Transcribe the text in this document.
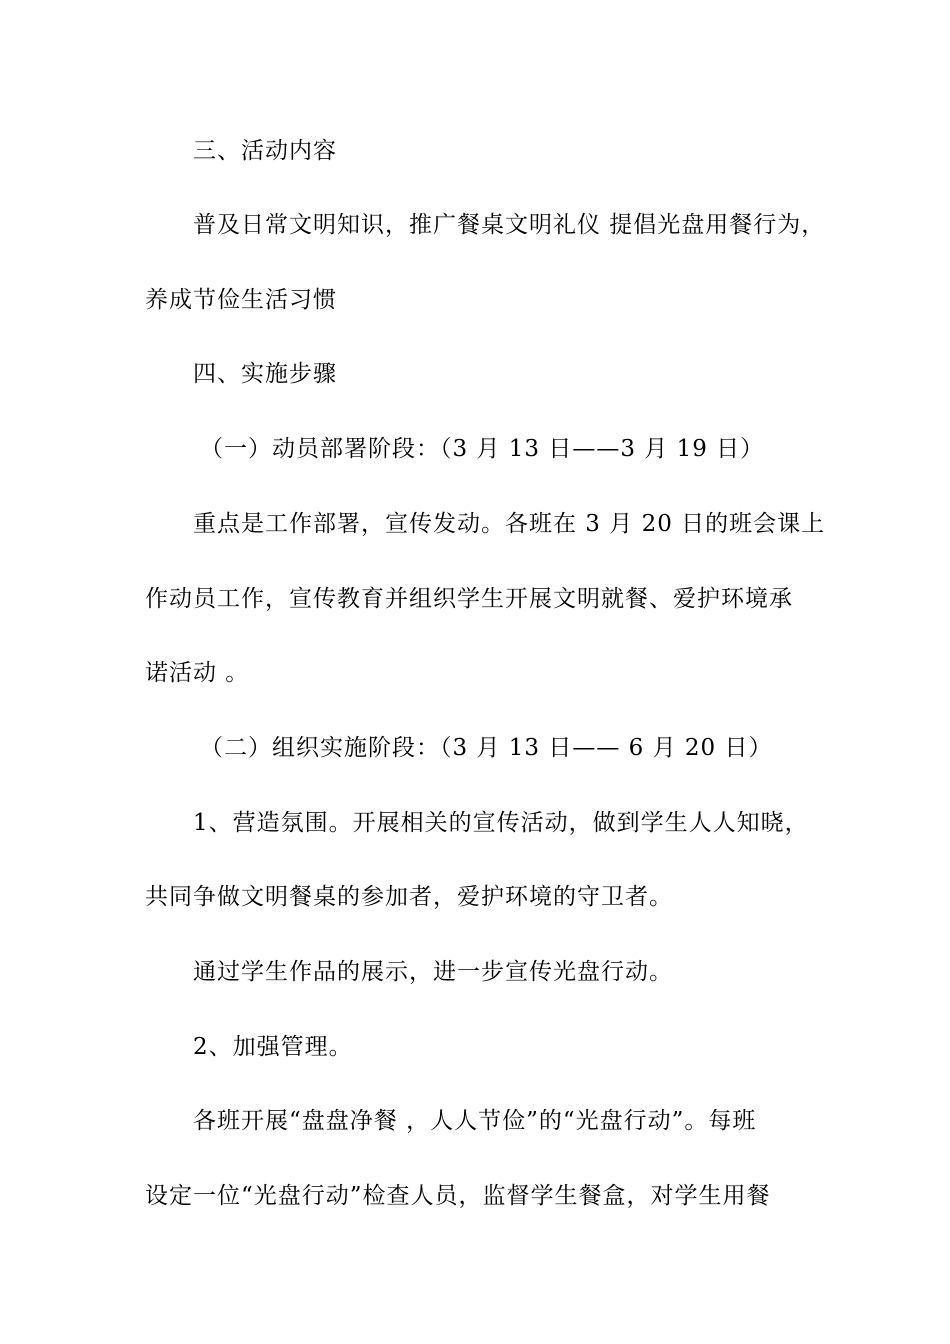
三、活动内容
普及日常文明知识，推广餐桌文明礼仪 提倡光盘用餐行为，
养成节俭生活习惯
四、实施步骤
（一）动员部署阶段：（3 月 13 日——3 月 19 日）
重点是工作部署，宣传发动。各班在 3 月 20 日的班会课上
作动员工作，宣传教育并组织学生开展文明就餐、爱护环境承
诺活动 。
（二）组织实施阶段：（3 月 13 日—— 6 月 20 日）
1、营造氛围。开展相关的宣传活动，做到学生人人知晓，
共同争做文明餐桌的参加者，爱护环境的守卫者。
通过学生作品的展示，进一步宣传光盘行动。
2、加强管理。
各班开展“盘盘净餐 ，人人节俭”的“光盘行动”。每班
设定一位“光盘行动”检查人员，监督学生餐盒，对学生用餐
